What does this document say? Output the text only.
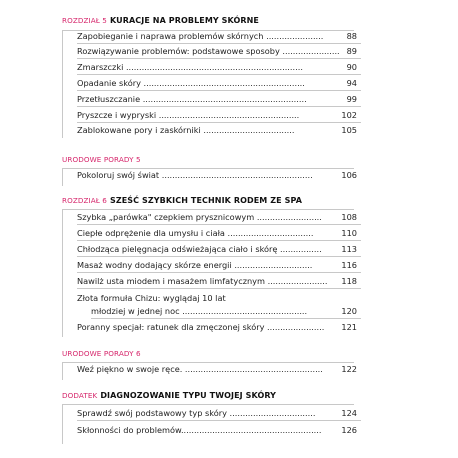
ROZDZIAŁ 5 KURACJE NA PROBLEMY SKÓRNE
Zapobieganie i naprawa problemów skórnych ......................	88
Rozwiązywanie problemów: podstawowe sposoby ...................... 89
Zmarszczki ....................................................................	90
Opadanie skóry ..............................................................	94
Przetłuszczanie ...............................................................	99
Pryszcze i wypryski ......................................................	102
Zablokowane pory i zaskórniki ...................................	105
URODOWE PORADY 5
Pokoloruj swój świat ..........................................................	106
ROZDZIAŁ 6 SZEŚĆ SZYBKICH TECHNIK RODEM ZE SPA
Szybka „parówka" czepkiem prysznicowym ......................... 108
Ciepłe odprężenie dla umysłu i ciała .................................	110
Chłodząca pielęgnacja odświeżająca ciało i skórę ................ 113
Masaż wodny dodający skórze energii ..............................	116
Nawilż usta miodem i masażem limfatycznym ....................... 118
Złota formuła Chizu: wyglądaj 10 lat
młodziej w jednej noc ................................................	120
Poranny specjał: ratunek dla zmęczonej skóry ...................... 121
URODOWE PORADY 6
Weź piękno w swoje ręce. ..................................................... 122
DODATEK DIAGNOZOWANIE TYPU TWOJEJ SKÓRY
Sprawdź swój podstawowy typ skóry .................................	124
Skłonności do problemów...................................................... 126
